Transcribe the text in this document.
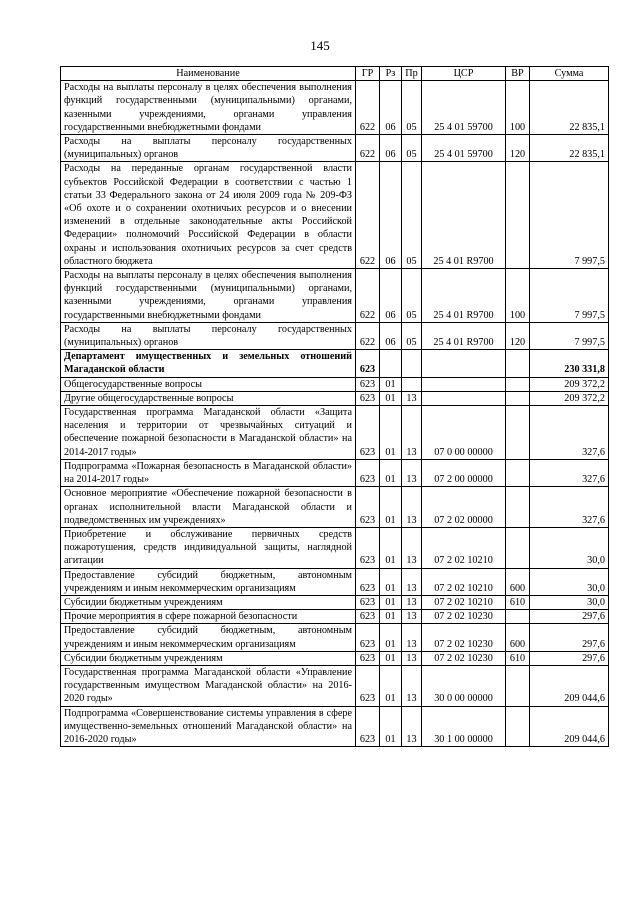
145
Наименование	ГР	Рз	Пр	ЦСР	ВР	Сумма
Расходы на выплаты персоналу в целях обеспечения выполнения функций государственными (муниципальными) органами, казенными учреждениями, органами управления государственными внебюджетными фондами	622	06	05	25 4 01 59700	100	22 835,1
Расходы на выплаты персоналу государственных (муниципальных) органов	622	06	05	25 4 01 59700	120	22 835,1
Расходы на переданные органам государственной власти субъектов Российской Федерации в соответствии с частью 1 статьи 33 Федерального закона от 24 июля 2009 года № 209-ФЗ «Об охоте и о сохранении охотничьих ресурсов и о внесении изменений в отдельные законодательные акты Российской Федерации» полномочий Российской Федерации в области охраны и использования охотничьих ресурсов за счет средств областного бюджета	622	06	05	25 4 01 R9700		7 997,5
Расходы на выплаты персоналу в целях обеспечения выполнения функций государственными (муниципальными) органами, казенными учреждениями, органами управления государственными внебюджетными фондами	622	06	05	25 4 01 R9700	100	7 997,5
Расходы на выплаты персоналу государственных (муниципальных) органов	622	06	05	25 4 01 R9700	120	7 997,5
Департамент имущественных и земельных отношений Магаданской области	623					230 331,8
Общегосударственные вопросы	623	01				209 372,2
Другие общегосударственные вопросы	623	01	13			209 372,2
Государственная программа Магаданской области «Защита населения и территории от чрезвычайных ситуаций и обеспечение пожарной безопасности в Магаданской области» на 2014-2017 годы»	623	01	13	07 0 00 00000		327,6
Подпрограмма «Пожарная безопасность в Магаданской области» на 2014-2017 годы»	623	01	13	07 2 00 00000		327,6
Основное мероприятие «Обеспечение пожарной безопасности в органах исполнительной власти Магаданской области и подведомственных им учреждениях»	623	01	13	07 2 02 00000		327,6
Приобретение и обслуживание первичных средств пожаротушения, средств индивидуальной защиты, наглядной агитации	623	01	13	07 2 02 10210		30,0
Предоставление субсидий бюджетным, автономным учреждениям и иным некоммерческим организациям	623	01	13	07 2 02 10210	600	30,0
Субсидии бюджетным учреждениям	623	01	13	07 2 02 10210	610	30,0
Прочие мероприятия в сфере пожарной безопасности	623	01	13	07 2 02 10230		297,6
Предоставление субсидий бюджетным, автономным учреждениям и иным некоммерческим организациям	623	01	13	07 2 02 10230	600	297,6
Субсидии бюджетным учреждениям	623	01	13	07 2 02 10230	610	297,6
Государственная программа Магаданской области «Управление государственным имуществом Магаданской области» на 2016-2020 годы»	623	01	13	30 0 00 00000		209 044,6
Подпрограмма «Совершенствование системы управления в сфере имущественно-земельных отношений Магаданской области» на 2016-2020 годы»	623	01	13	30 1 00 00000		209 044,6
